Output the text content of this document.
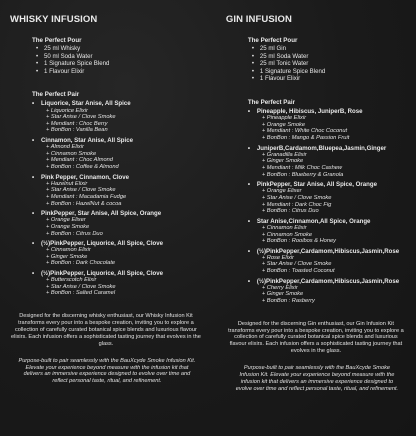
WHISKY INFUSION
The Perfect Pour
• 25 ml Whisky
• 50 ml Soda Water
• 1 Signature Spice Blend
• 1 Flavour Elixir
The Perfect Pair
• Liquorice, Star Anise, All Spice
+ Liquorice Elixir
+ Star Anise / Clove Smoke
+ Mendiant : Choc Berry
+ BonBon : Vanilla Bean
• Cinnamon, Star Anise, All Spice
+ Almond Elixir
+ Cinnamon Smoke
+ Mendiant : Choc Almond
+ BonBon : Coffee & Almond
• Pink Pepper, Cinnamon, Clove
+ Hazelnut Elixir
+ Star Anise / Clove Smoke
+ Mendiant : Macadamia Fudge
+ BonBon : HazelNut & cocoa
• PinkPepper, Star Anise, All Spice, Orange
+ Orange Elixer
+ Orange Smoke
+ BonBon : Citrus Duo
• (½)PinkPepper, Liquorice, All Spice, Clove
+ Cinnamon Elixir
+ Ginger Smoke
+ BonBon : Dark Chocolate
• (½)PinkPepper, Liquorice, All Spice, Clove
+ Butterscotch Elixir
+ Star Anise / Clove Smoke
+ BonBon : Salted Caramel
Designed for the discerning whisky enthusiast, our Whisky Infusion Kit transforms every pour into a bespoke creation, inviting you to explore a collection of carefully curated botanical spice blends and luxurious flavour elixirs. Each infusion offers a sophisticated tasting journey that evolves in the glass.
Purpose-built to pair seamlessly with the BauXcyde Smoke Infusion Kit. Elevate your experience beyond measure with the infusion kit that delivers an immersive experience designed to evolve over time and reflect personal taste, ritual, and refinement.
GIN INFUSION
The Perfect Pour
• 25 ml Gin
• 25 ml Soda Water
• 25 ml Tonic Water
• 1 Signature Spice Blend
• 1 Flavour Elixir
The Perfect Pair
• Pineapple, Hibiscus, JuniperB, Rose
+ Pineapple Elixir
+ Orange Smoke
+ Mendiant : White Choc Coconut
+ BonBon : Mango & Passion Fruit
• JuniperB,Cardamom,Bluepea,Jasmin,Ginger
+ Granadilla Elixir
+ Ginger Smoke
+ Mendiant : Milk Choc Cashew
+ BonBon : Blueberry & Granola
• PinkPepper, Star Anise, All Spice, Orange
+ Orange Elixer
+ Star Anise / Clove Smoke
+ Mendiant : Dark Choc Fig
+ BonBon : Citrus Duo
• Star Anise,Cinnamon,All Spice, Orange
+ Cinnamon Elixir
+ Cinnamon Smoke
+ BonBon : Rooibos & Honey
• (½)PinkPepper,Cardamom,Hibiscus,Jasmin,Rose
+ Rose Elixir
+ Star Anise / Clove Smoke
+ BonBon : Toasted Coconut
• (½)PinkPepper,Cardamom,Hibiscus,Jasmin,Rose
+ Cherry Elixir
+ Ginger Smoke
+ BonBon : Rasberry
Designed for the discerning Gin enthusiast, our Gin Infusion Kit transforms every pour into a bespoke creation, inviting you to explore a collection of carefully curated botanical spice blends and luxurious flavour elixirs. Each infusion offers a sophisticated tasting journey that evolves in the glass.
Purpose-built to pair seamlessly with the BauXcyde Smoke Infusion Kit. Elevate your experience beyond measure with the infusion kit that delivers an immersive experience designed to evolve over time and reflect personal taste, ritual, and refinement.
